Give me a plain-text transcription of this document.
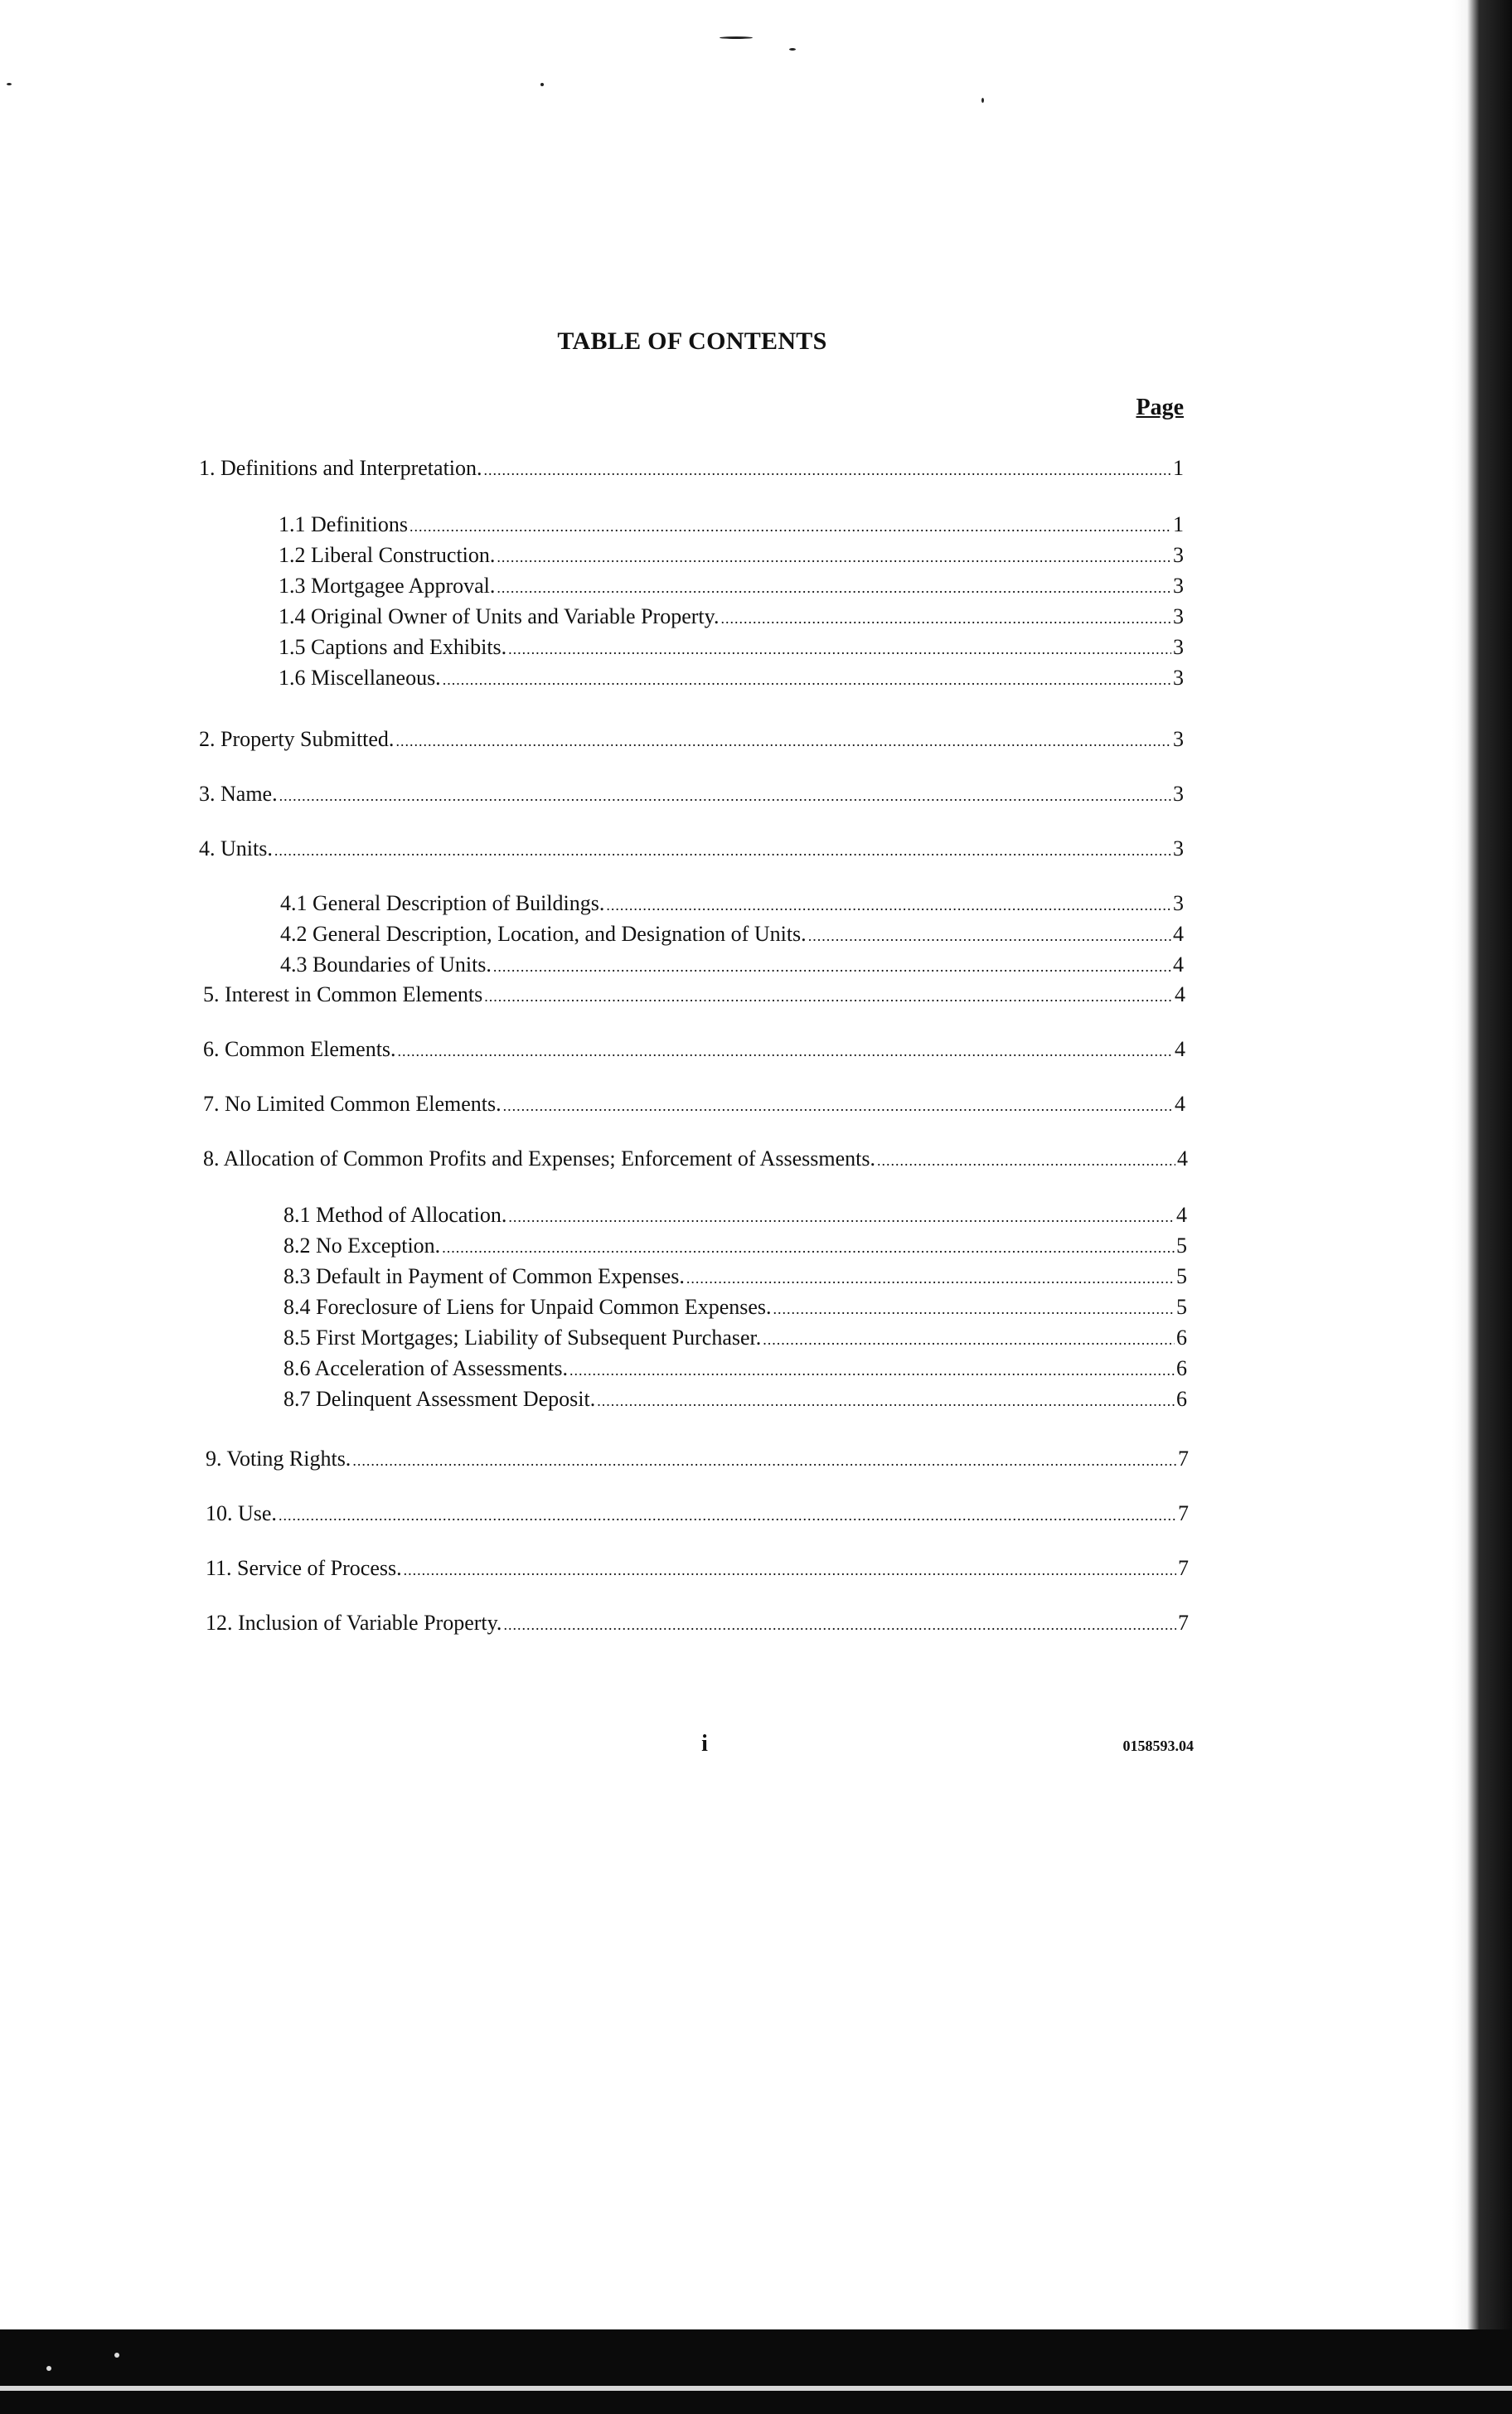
TABLE OF CONTENTS
Page
1. Definitions and Interpretation. .....	1
1.1 Definitions .....	1
1.2 Liberal Construction. .....	3
1.3 Mortgagee Approval. .....	3
1.4 Original Owner of Units and Variable Property. .....	3
1.5 Captions and Exhibits. .....	3
1.6 Miscellaneous. .....	3
2. Property Submitted. .....	3
3. Name. .....	3
4. Units. .....	3
4.1 General Description of Buildings. .....	3
4.2 General Description, Location, and Designation of Units. .....	4
4.3 Boundaries of Units. .....	4
5. Interest in Common Elements .....	4
6. Common Elements. .....	4
7. No Limited Common Elements. .....	4
8. Allocation of Common Profits and Expenses; Enforcement of Assessments. .....	4
8.1 Method of Allocation. .....	4
8.2 No Exception. .....	5
8.3 Default in Payment of Common Expenses. .....	5
8.4 Foreclosure of Liens for Unpaid Common Expenses. .....	5
8.5 First Mortgages; Liability of Subsequent Purchaser. .....	6
8.6 Acceleration of Assessments. .....	6
8.7 Delinquent Assessment Deposit. .....	6
9. Voting Rights. .....	7
10. Use. .....	7
11. Service of Process. .....	7
12. Inclusion of Variable Property. .....	7
i	0158593.04
